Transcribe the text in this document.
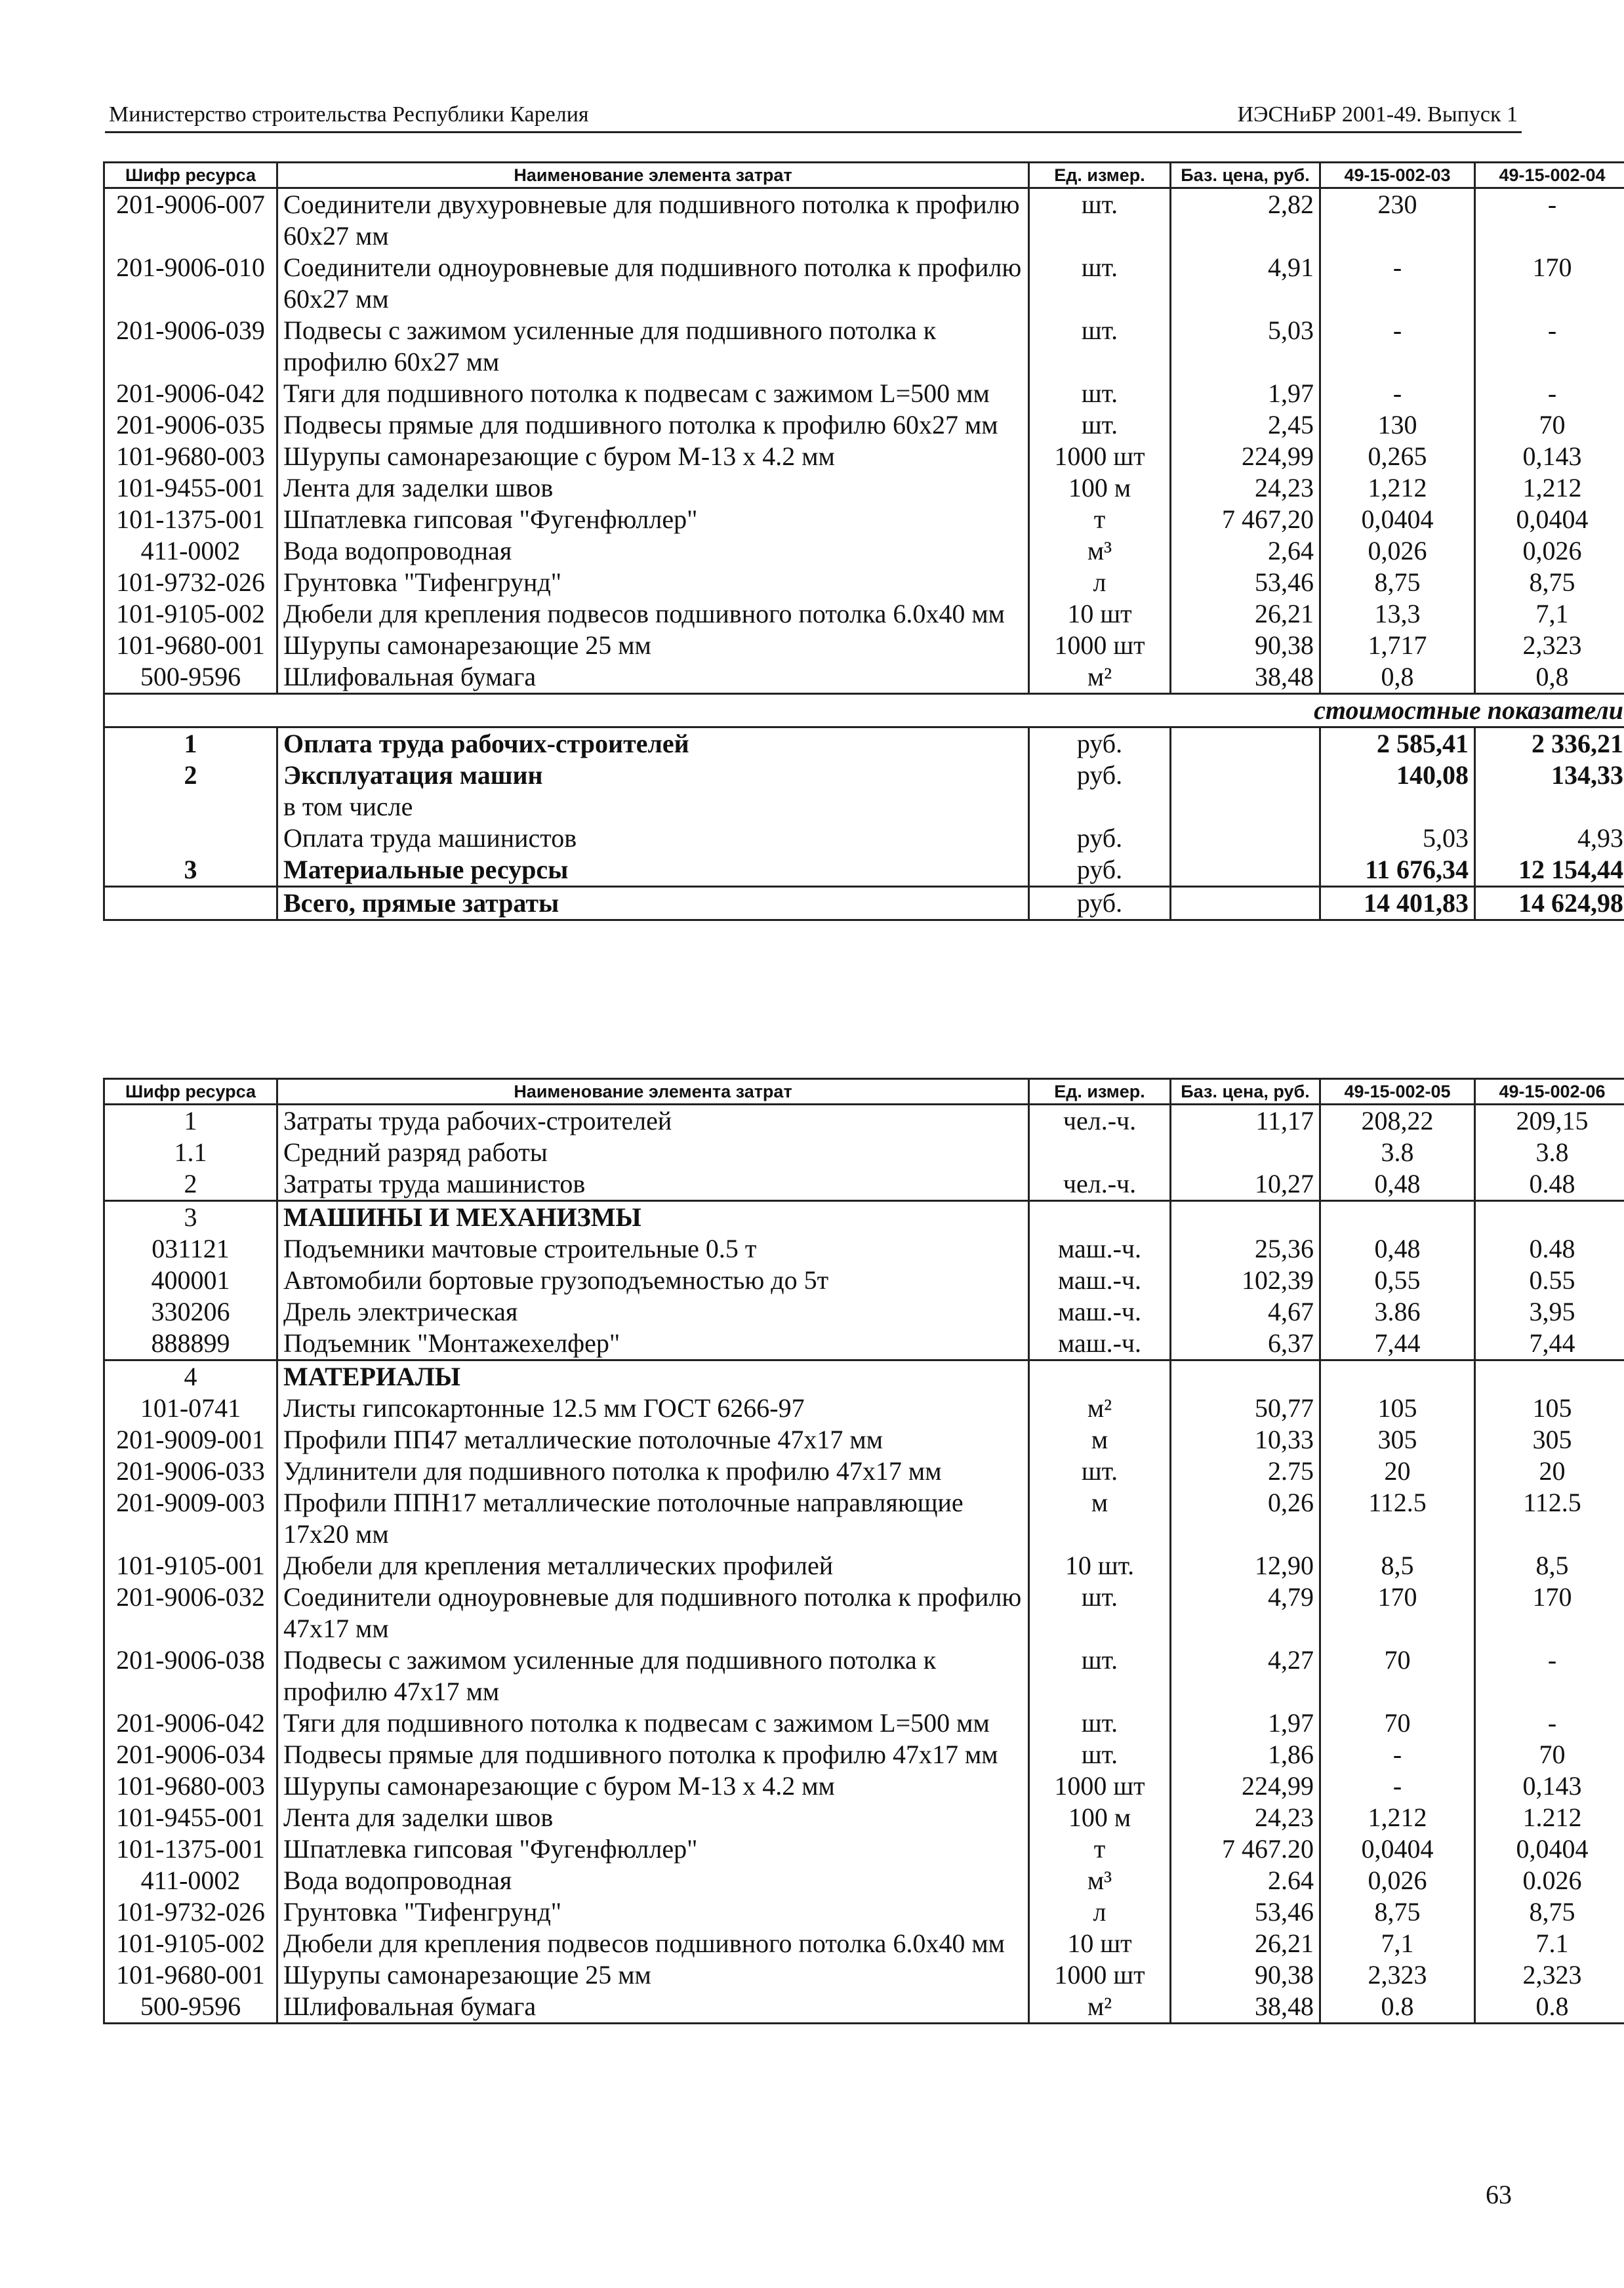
Министерство строительства Республики Карелия	ИЭСНиБР 2001-49. Выпуск 1
Шифр ресурса	Наименование элемента затрат	Ед. измер.	Баз. цена, руб.	49-15-002-03	49-15-002-04
201-9006-007	Соединители двухуровневые для подшивного потолка к профилю 60х27 мм	шт.	2,82	230	-
201-9006-010	Соединители одноуровневые для подшивного потолка к профилю 60х27 мм	шт.	4,91	-	170
201-9006-039	Подвесы с зажимом усиленные для подшивного потолка к профилю 60х27 мм	шт.	5,03	-	-
201-9006-042	Тяги для подшивного потолка к подвесам с зажимом L=500 мм	шт.	1,97	-	-
201-9006-035	Подвесы прямые для подшивного потолка к профилю 60х27 мм	шт.	2,45	130	70
101-9680-003	Шурупы самонарезающие с буром М-13 х 4.2 мм	1000 шт	224,99	0,265	0,143
101-9455-001	Лента для заделки швов	100 м	24,23	1,212	1,212
101-1375-001	Шпатлевка гипсовая "Фугенфюллер"	т	7 467,20	0,0404	0,0404
411-0002	Вода водопроводная	м³	2,64	0,026	0,026
101-9732-026	Грунтовка "Тифенгрунд"	л	53,46	8,75	8,75
101-9105-002	Дюбели для крепления подвесов подшивного потолка 6.0х40 мм	10 шт	26,21	13,3	7,1
101-9680-001	Шурупы самонарезающие 25 мм	1000 шт	90,38	1,717	2,323
500-9596	Шлифовальная бумага	м²	38,48	0,8	0,8
стоимостные показатели					
1	Оплата труда рабочих-строителей	руб.		2 585,41	2 336,21
2	Эксплуатация машин	руб.		140,08	134,33
	в том числе				
	Оплата труда машинистов	руб.		5,03	4,93
3	Материальные ресурсы	руб.		11 676,34	12 154,44
	Всего, прямые затраты	руб.		14 401,83	14 624,98
Шифр ресурса	Наименование элемента затрат	Ед. измер.	Баз. цена, руб.	49-15-002-05	49-15-002-06
1	Затраты труда рабочих-строителей	чел.-ч.	11,17	208,22	209,15
1.1	Средний разряд работы			3.8	3.8
2	Затраты труда машинистов	чел.-ч.	10,27	0,48	0.48
3	МАШИНЫ И МЕХАНИЗМЫ				
031121	Подъемники мачтовые строительные 0.5 т	маш.-ч.	25,36	0,48	0.48
400001	Автомобили бортовые грузоподъемностью до 5т	маш.-ч.	102,39	0,55	0.55
330206	Дрель электрическая	маш.-ч.	4,67	3.86	3,95
888899	Подъемник "Монтажехелфер"	маш.-ч.	6,37	7,44	7,44
4	МАТЕРИАЛЫ				
101-0741	Листы гипсокартонные 12.5 мм ГОСТ 6266-97	м²	50,77	105	105
201-9009-001	Профили ПП47 металлические потолочные 47х17 мм	м	10,33	305	305
201-9006-033	Удлинители для подшивного потолка к профилю 47х17 мм	шт.	2.75	20	20
201-9009-003	Профили ППН17 металлические потолочные направляющие 17х20 мм	м	0,26	112.5	112.5
101-9105-001	Дюбели для крепления металлических профилей	10 шт.	12,90	8,5	8,5
201-9006-032	Соединители одноуровневые для подшивного потолка к профилю 47х17 мм	шт.	4,79	170	170
201-9006-038	Подвесы с зажимом усиленные для подшивного потолка к профилю 47х17 мм	шт.	4,27	70	-
201-9006-042	Тяги для подшивного потолка к подвесам с зажимом L=500 мм	шт.	1,97	70	-
201-9006-034	Подвесы прямые для подшивного потолка к профилю 47х17 мм	шт.	1,86	-	70
101-9680-003	Шурупы самонарезающие с буром М-13 х 4.2 мм	1000 шт	224,99	-	0,143
101-9455-001	Лента для заделки швов	100 м	24,23	1,212	1.212
101-1375-001	Шпатлевка гипсовая "Фугенфюллер"	т	7 467.20	0,0404	0,0404
411-0002	Вода водопроводная	м³	2.64	0,026	0.026
101-9732-026	Грунтовка "Тифенгрунд"	л	53,46	8,75	8,75
101-9105-002	Дюбели для крепления подвесов подшивного потолка 6.0х40 мм	10 шт	26,21	7,1	7.1
101-9680-001	Шурупы самонарезающие 25 мм	1000 шт	90,38	2,323	2,323
500-9596	Шлифовальная бумага	м²	38,48	0.8	0.8
63
